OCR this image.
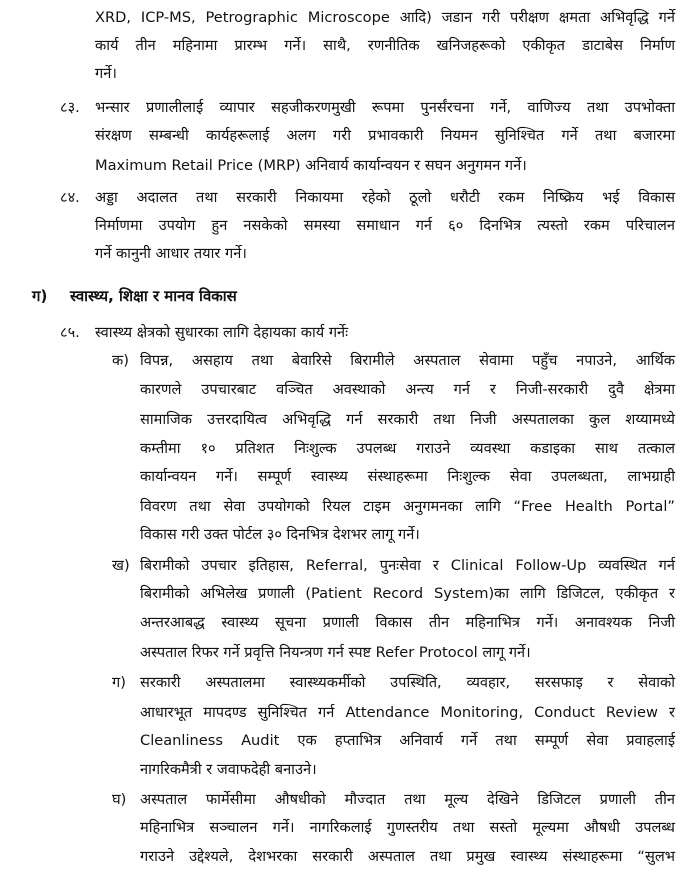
XRD, ICP-MS, Petrographic Microscope आदि) जडान गरी परीक्षण क्षमता अभिवृद्धि गर्ने
कार्य तीन महिनामा प्रारम्भ गर्ने। साथै, रणनीतिक खनिजहरूको एकीकृत डाटाबेस निर्माण
गर्ने।
८३. भन्सार प्रणालीलाई व्यापार सहजीकरणमुखी रूपमा पुनर्संरचना गर्ने, वाणिज्य तथा उपभोक्ता
संरक्षण सम्बन्धी कार्यहरूलाई अलग गरी प्रभावकारी नियमन सुनिश्चित गर्ने तथा बजारमा
Maximum Retail Price (MRP) अनिवार्य कार्यान्वयन र सघन अनुगमन गर्ने।
८४. अड्डा अदालत तथा सरकारी निकायमा रहेको ठूलो धरौटी रकम निष्क्रिय भई विकास
निर्माणमा उपयोग हुन नसकेको समस्या समाधान गर्न ६० दिनभित्र त्यस्तो रकम परिचालन
गर्ने कानुनी आधार तयार गर्ने।
ग) स्वास्थ्य, शिक्षा र मानव विकास
८५. स्वास्थ्य क्षेत्रको सुधारका लागि देहायका कार्य गर्नेः
क) विपन्न, असहाय तथा बेवारिसे बिरामीले अस्पताल सेवामा पहुँच नपाउने, आर्थिक
कारणले उपचारबाट वञ्चित अवस्थाको अन्त्य गर्न र निजी-सरकारी दुवै क्षेत्रमा
सामाजिक उत्तरदायित्व अभिवृद्धि गर्न सरकारी तथा निजी अस्पतालका कुल शय्यामध्ये
कम्तीमा १० प्रतिशत निःशुल्क उपलब्ध गराउने व्यवस्था कडाइका साथ तत्काल
कार्यान्वयन गर्ने। सम्पूर्ण स्वास्थ्य संस्थाहरूमा निःशुल्क सेवा उपलब्धता, लाभग्राही
विवरण तथा सेवा उपयोगको रियल टाइम अनुगमनका लागि “Free Health Portal”
विकास गरी उक्त पोर्टल ३० दिनभित्र देशभर लागू गर्ने।
ख) बिरामीको उपचार इतिहास, Referral, पुनःसेवा र Clinical Follow-Up व्यवस्थित गर्न
बिरामीको अभिलेख प्रणाली (Patient Record System)का लागि डिजिटल, एकीकृत र
अन्तरआबद्ध स्वास्थ्य सूचना प्रणाली विकास तीन महिनाभित्र गर्ने। अनावश्यक निजी
अस्पताल रिफर गर्ने प्रवृत्ति नियन्त्रण गर्न स्पष्ट Refer Protocol लागू गर्ने।
ग) सरकारी अस्पतालमा स्वास्थ्यकर्मीको उपस्थिति, व्यवहार, सरसफाइ र सेवाको
आधारभूत मापदण्ड सुनिश्चित गर्न Attendance Monitoring, Conduct Review र
Cleanliness Audit एक हप्ताभित्र अनिवार्य गर्ने तथा सम्पूर्ण सेवा प्रवाहलाई
नागरिकमैत्री र जवाफदेही बनाउने।
घ) अस्पताल फार्मेसीमा औषधीको मौज्दात तथा मूल्य देखिने डिजिटल प्रणाली तीन
महिनाभित्र सञ्चालन गर्ने। नागरिकलाई गुणस्तरीय तथा सस्तो मूल्यमा औषधी उपलब्ध
गराउने उद्देश्यले, देशभरका सरकारी अस्पताल तथा प्रमुख स्वास्थ्य संस्थाहरूमा “सुलभ
